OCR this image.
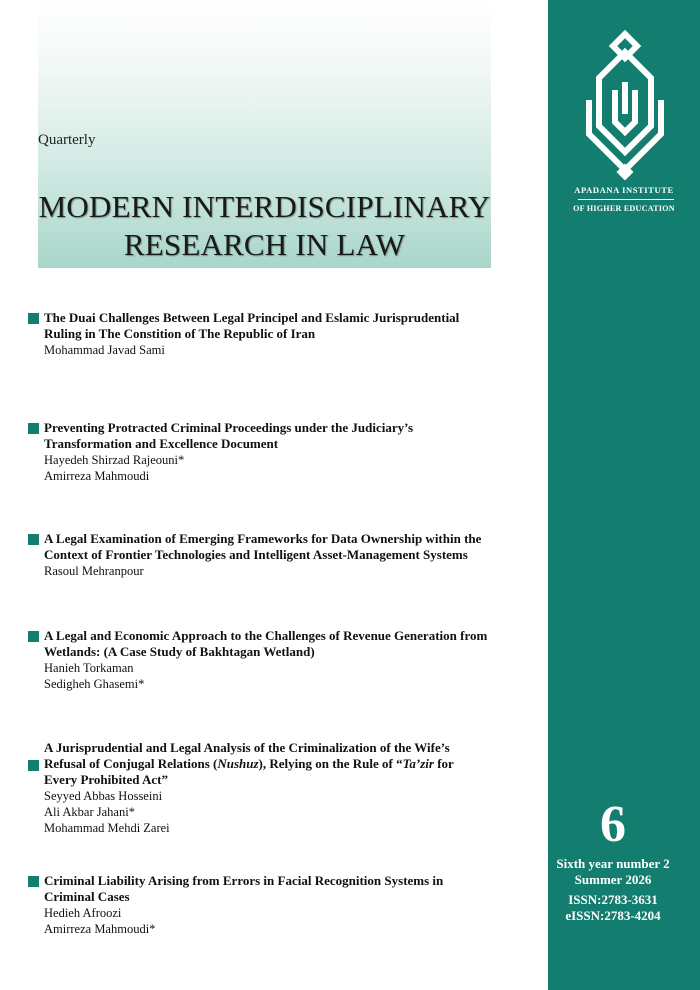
Quarterly
MODERN INTERDISCIPLINARY
RESEARCH IN LAW
APADANA INSTITUTE
OF HIGHER EDUCATION
6
Sixth year number 2
Summer 2026
ISSN:2783-3631
eISSN:2783-4204
The Duai Challenges Between Legal Principel and Eslamic Jurisprudential
Ruling in The Constition of The Republic of Iran
Mohammad Javad Sami
Preventing Protracted Criminal Proceedings under the Judiciary’s
Transformation and Excellence Document
Hayedeh Shirzad Rajeouni*
Amirreza Mahmoudi
A Legal Examination of Emerging Frameworks for Data Ownership within the
Context of Frontier Technologies and Intelligent Asset-Management Systems
Rasoul Mehranpour
A Legal and Economic Approach to the Challenges of Revenue Generation from
Wetlands: (A Case Study of Bakhtagan Wetland)
Hanieh Torkaman
Sedigheh Ghasemi*
A Jurisprudential and Legal Analysis of the Criminalization of the Wife’s
Refusal of Conjugal Relations (Nushuz), Relying on the Rule of “Ta’zir for
Every Prohibited Act”
Seyyed Abbas Hosseini
Ali Akbar Jahani*
Mohammad Mehdi Zarei
Criminal Liability Arising from Errors in Facial Recognition Systems in
Criminal Cases
Hedieh Afroozi
Amirreza Mahmoudi*
